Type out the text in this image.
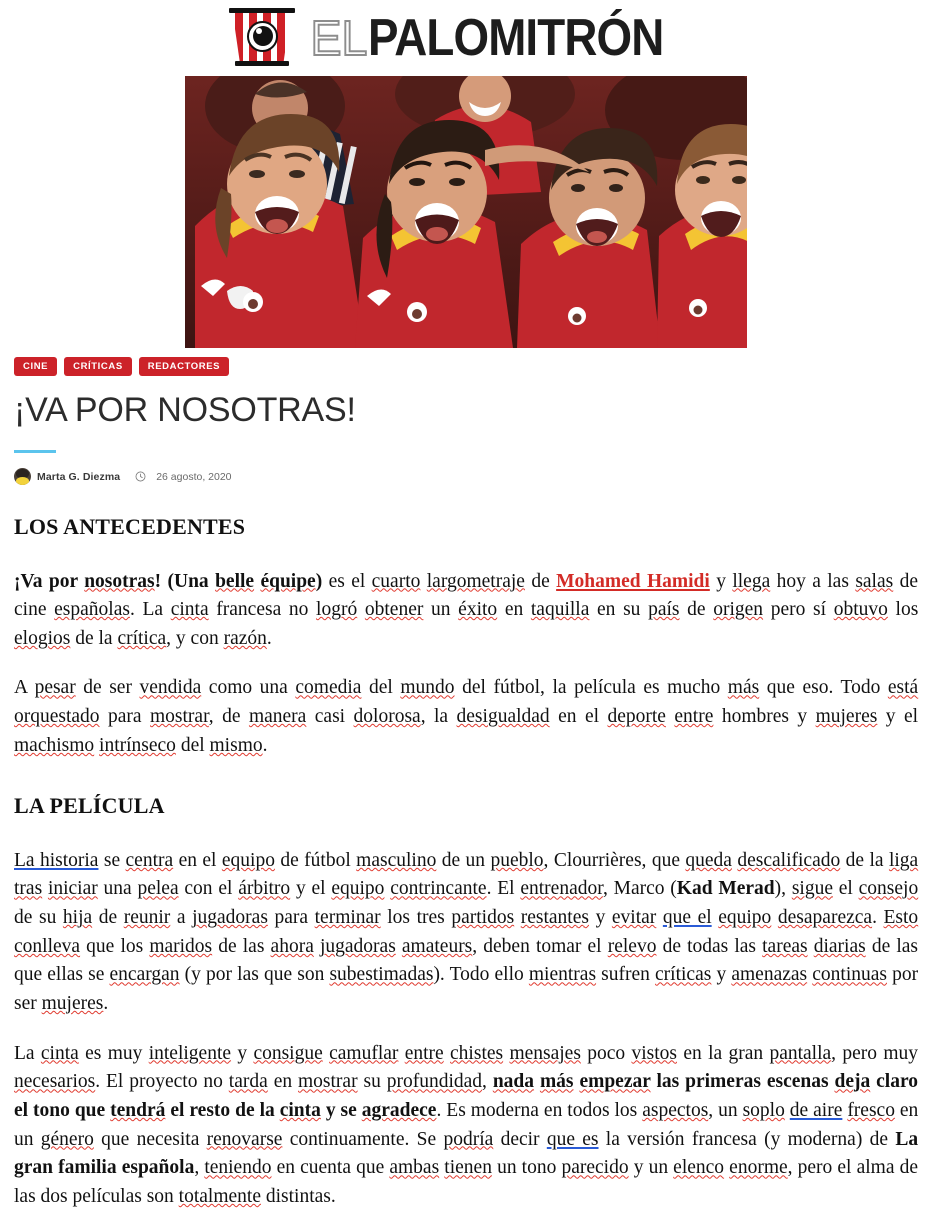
EL PALOMITRÓN
CINE	CRÍTICAS	REDACTORES
¡VA POR NOSOTRAS!
Marta G. Diezma	26 agosto, 2020
LOS ANTECEDENTES

¡Va por nosotras! (Una belle équipe) es el cuarto largometraje de Mohamed Hamidi y llega hoy a las salas de cine españolas. La cinta francesa no logró obtener un éxito en taquilla en su país de origen pero sí obtuvo los elogios de la crítica, y con razón.

A pesar de ser vendida como una comedia del mundo del fútbol, la película es mucho más que eso. Todo está orquestado para mostrar, de manera casi dolorosa, la desigualdad en el deporte entre hombres y mujeres y el machismo intrínseco del mismo.

LA PELÍCULA

La historia se centra en el equipo de fútbol masculino de un pueblo, Clourrières, que queda descalificado de la liga tras iniciar una pelea con el árbitro y el equipo contrincante. El entrenador, Marco (Kad Merad), sigue el consejo de su hija de reunir a jugadoras para terminar los tres partidos restantes y evitar que el equipo desaparezca. Esto conlleva que los maridos de las ahora jugadoras amateurs, deben tomar el relevo de todas las tareas diarias de las que ellas se encargan (y por las que son subestimadas). Todo ello mientras sufren críticas y amenazas continuas por ser mujeres.

La cinta es muy inteligente y consigue camuflar entre chistes mensajes poco vistos en la gran pantalla, pero muy necesarios. El proyecto no tarda en mostrar su profundidad, nada más empezar las primeras escenas deja claro el tono que tendrá el resto de la cinta y se agradece. Es moderna en todos los aspectos, un soplo de aire fresco en un género que necesita renovarse continuamente. Se podría decir que es la versión francesa (y moderna) de La gran familia española, teniendo en cuenta que ambas tienen un tono parecido y un elenco enorme, pero el alma de las dos películas son totalmente distintas.
